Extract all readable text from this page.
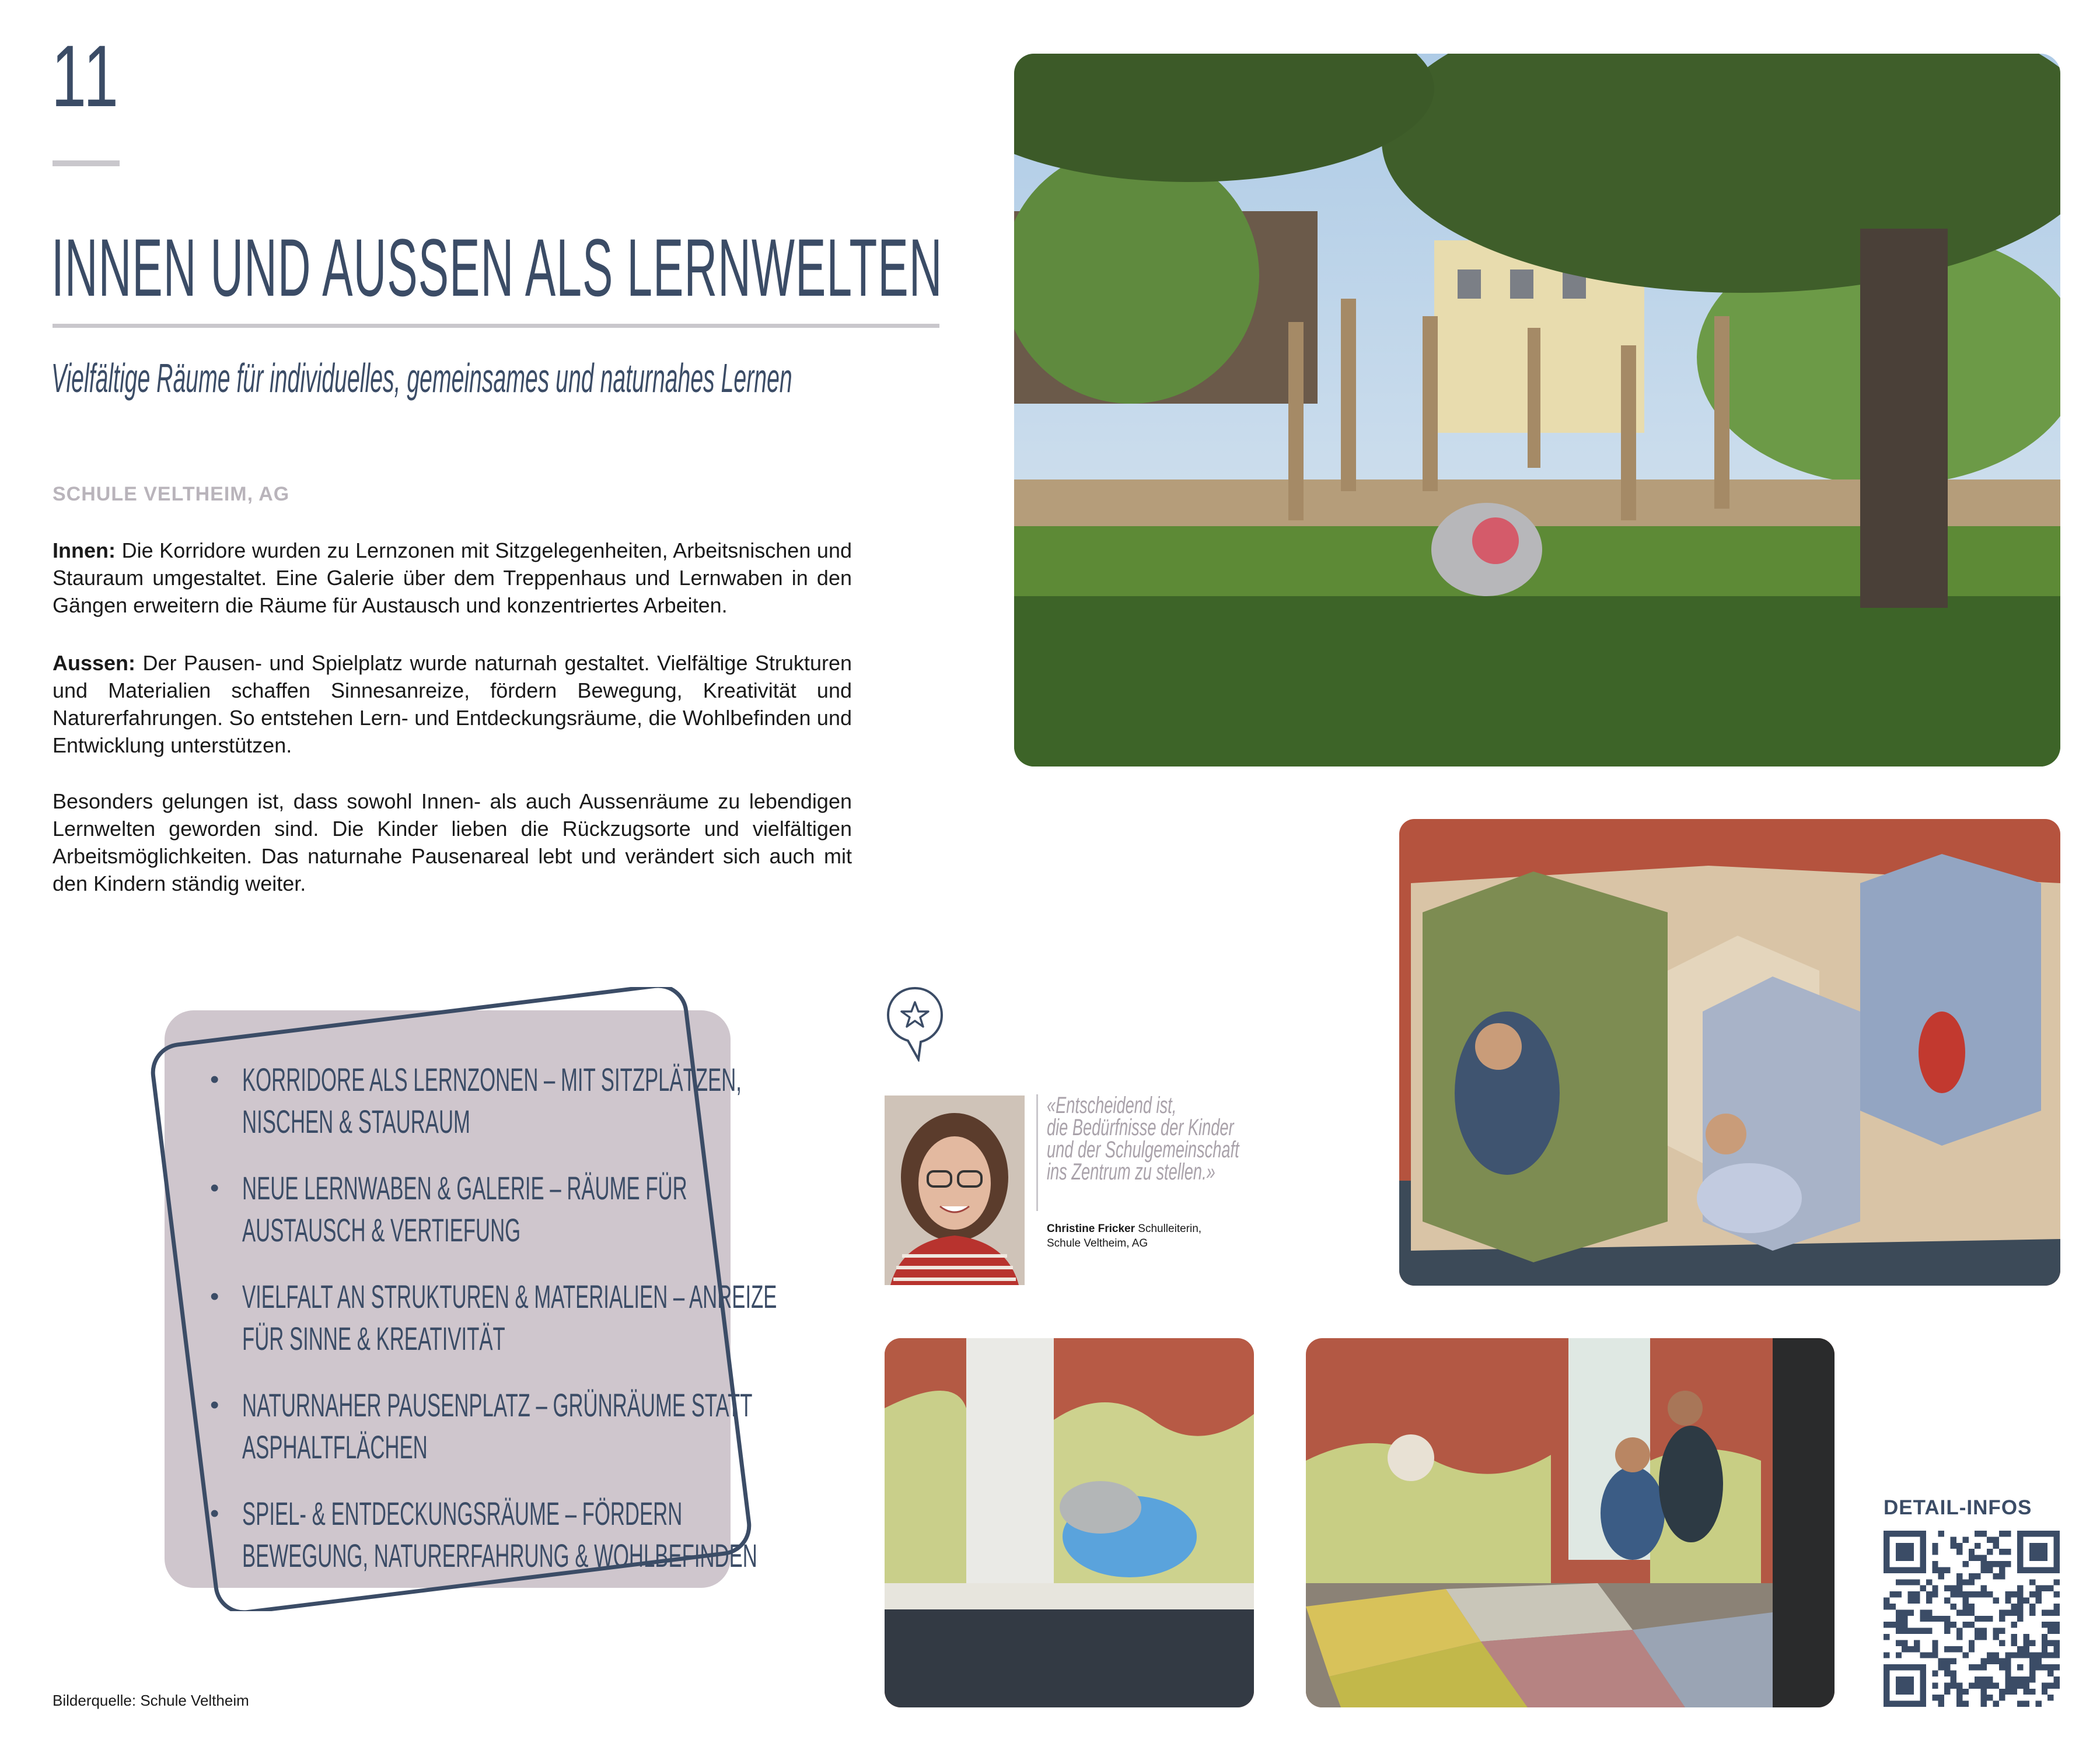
11
INNEN UND AUSSEN ALS LERNWELTEN
Vielfältige Räume für individuelles, gemeinsames und naturnahes Lernen
SCHULE VELTHEIM, AG
Innen: Die Korridore wurden zu Lernzonen mit Sitzgelegenheiten, Arbeitsnischen und Stauraum umgestaltet. Eine Galerie über dem Treppenhaus und Lernwaben in den Gängen erweitern die Räume für Austausch und konzentriertes Arbeiten.
Aussen: Der Pausen- und Spielplatz wurde naturnah gestaltet. Vielfältige Strukturen und Materialien schaffen Sinnesanreize, fördern Bewegung, Kreativität und Naturerfahrungen. So entstehen Lern- und Entdeckungsräume, die Wohlbefinden und Entwicklung unterstützen.
Besonders gelungen ist, dass sowohl Innen- als auch Aussenräume zu lebendigen Lernwelten geworden sind. Die Kinder lieben die Rückzugsorte und vielfältigen Arbeitsmöglichkeiten. Das naturnahe Pausenareal lebt und verändert sich auch mit den Kindern ständig weiter.
• KORRIDORE ALS LERNZONEN – MIT SITZPLÄTZEN, NISCHEN & STAURAUM
• NEUE LERNWABEN & GALERIE – RÄUME FÜR AUSTAUSCH & VERTIEFUNG
• VIELFALT AN STRUKTUREN & MATERIALIEN – ANREIZE FÜR SINNE & KREATIVITÄT
• NATURNAHER PAUSENPLATZ – GRÜNRÄUME STATT ASPHALTFLÄCHEN
• SPIEL- & ENTDECKUNGSRÄUME – FÖRDERN BEWEGUNG, NATURERFAHRUNG & WOHLBEFINDEN
«Entscheidend ist,
die Bedürfnisse der Kinder
und der Schulgemeinschaft
ins Zentrum zu stellen.»
Christine Fricker Schulleiterin,
Schule Veltheim, AG
DETAIL-INFOS
Bilderquelle: Schule Veltheim
